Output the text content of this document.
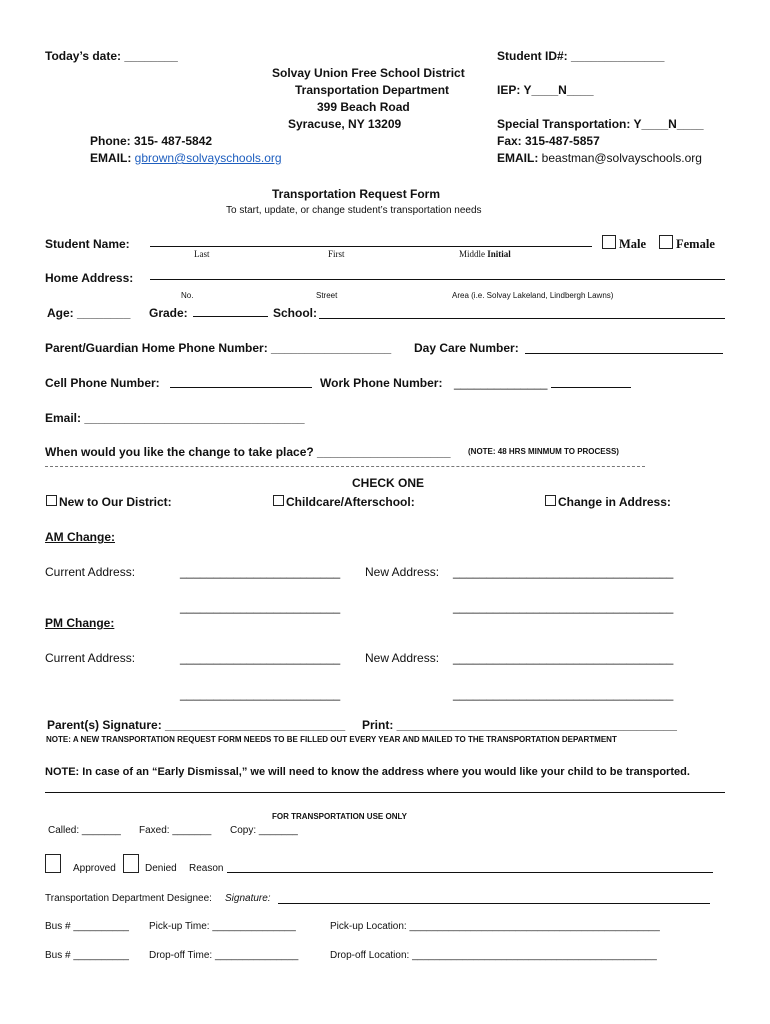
Today’s date: ________	Student ID#: ______________
Solvay Union Free School District
Transportation Department
399 Beach Road
Syracuse, NY 13209
IEP: Y____N____
Special Transportation: Y____N____
Phone: 315- 487-5842	Fax: 315-487-5857
EMAIL: gbrown@solvayschools.org	EMAIL: beastman@solvayschools.org
Transportation Request Form
To start, update, or change student’s transportation needs
Student Name:
Last	First	Middle Initial
Male Female
Home Address:
No.	Street	Area (i.e. Solvay Lakeland, Lindbergh Lawns)
Age: ________ Grade:	School:
Parent/Guardian Home Phone Number: __________________ Day Care Number:
Cell Phone Number:	Work Phone Number: ______________
Email: _________________________________
When would you like the change to take place? ____________________ (NOTE: 48 HRS MINMUM TO PROCESS)
CHECK ONE
New to Our District:	Childcare/Afterschool:	Change in Address:
AM Change:
Current Address:	________________________ New Address: _________________________________
________________________	_________________________________
PM Change:
Current Address:	________________________ New Address: _________________________________
________________________	_________________________________
Parent(s) Signature: ___________________________ Print: __________________________________________
NOTE: A NEW TRANSPORTATION REQUEST FORM NEEDS TO BE FILLED OUT EVERY YEAR AND MAILED TO THE TRANSPORTATION DEPARTMENT
NOTE: In case of an “Early Dismissal,” we will need to know the address where you would like your child to be transported.
FOR TRANSPORTATION USE ONLY
Called: _______ Faxed: _______ Copy: _______
Approved	Denied Reason
Transportation Department Designee: Signature:
Bus # __________ Pick-up Time: _______________	Pick-up Location: _____________________________________________
Bus # __________ Drop-off Time: _______________	Drop-off Location: ____________________________________________
